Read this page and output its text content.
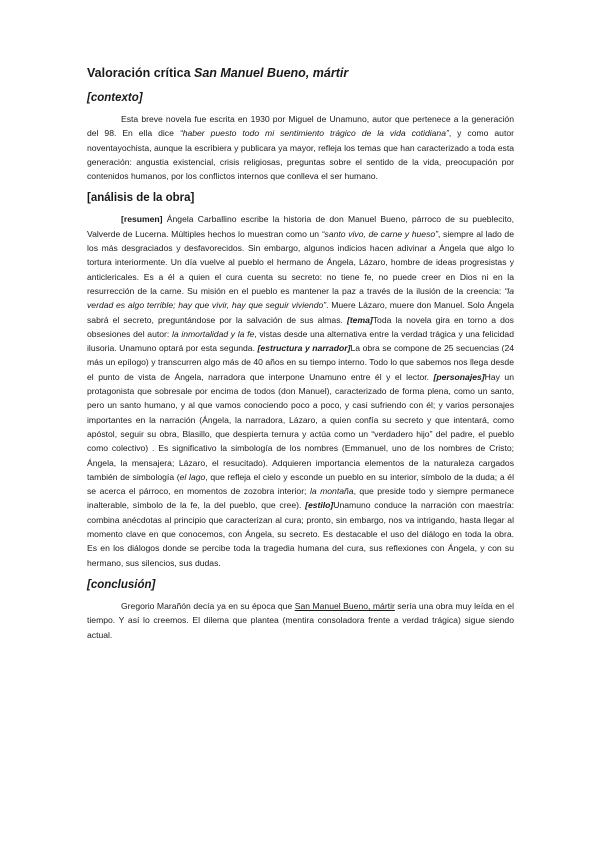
Valoración crítica San Manuel Bueno, mártir
[contexto]

Esta breve novela fue escrita en 1930 por Miguel de Unamuno, autor que pertenece a la generación del 98. En ella dice “haber puesto todo mi sentimiento trágico de la vida cotidiana”, y como autor noventayochista, aunque la escribiera y publicara ya mayor, refleja los temas que han caracterizado a toda esta generación: angustia existencial, crisis religiosas, preguntas sobre el sentido de la vida, preocupación por contenidos humanos, por los conflictos internos que conlleva el ser humano.

[análisis de la obra]

[resumen] Ángela Carballino escribe la historia de don Manuel Bueno, párroco de su pueblecito, Valverde de Lucerna. Múltiples hechos lo muestran como un “santo vivo, de carne y hueso”, siempre al lado de los más desgraciados y desfavorecidos. Sin embargo, algunos indicios hacen adivinar a Ángela que algo lo tortura interiormente. Un día vuelve al pueblo el hermano de Ángela, Lázaro, hombre de ideas progresistas y anticlericales. Es a él a quien el cura cuenta su secreto: no tiene fe, no puede creer en Dios ni en la resurrección de la carne. Su misión en el pueblo es mantener la paz a través de la ilusión de la creencia: “la verdad es algo terrible; hay que vivir, hay que seguir viviendo”. Muere Lázaro, muere don Manuel. Solo Ángela sabrá el secreto, preguntándose por la salvación de sus almas. [tema]Toda la novela gira en torno a dos obsesiones del autor: la inmortalidad y la fe, vistas desde una alternativa entre la verdad trágica y una felicidad ilusoria. Unamuno optará por esta segunda. [estructura y narrador]La obra se compone de 25 secuencias (24 más un epílogo) y transcurren algo más de 40 años en su tiempo interno. Todo lo que sabemos nos llega desde el punto de vista de Ángela, narradora que interpone Unamuno entre él y el lector. [personajes]Hay un protagonista que sobresale por encima de todos (don Manuel), caracterizado de forma plena, como un santo, pero un santo humano, y al que vamos conociendo poco a poco, y casi sufriendo con él; y varios personajes importantes en la narración (Ángela, la narradora, Lázaro, a quien confía su secreto y que intentará, como apóstol, seguir su obra, Blasillo, que despierta ternura y actúa como un “verdadero hijo” del padre, el pueblo como colectivo) . Es significativo la simbología de los nombres (Emmanuel, uno de los nombres de Cristo; Ángela, la mensajera; Lázaro, el resucitado). Adquieren importancia elementos de la naturaleza cargados también de simbología (el lago, que refleja el cielo y esconde un pueblo en su interior, símbolo de la duda; a él se acerca el párroco, en momentos de zozobra interior; la montaña, que preside todo y siempre permanece inalterable, símbolo de la fe, la del pueblo, que cree). [estilo]Unamuno conduce la narración con maestría: combina anécdotas al principio que caracterizan al cura; pronto, sin embargo, nos va intrigando, hasta llegar al momento clave en que conocemos, con Ángela, su secreto. Es destacable el uso del diálogo en toda la obra. Es en los diálogos donde se percibe toda la tragedia humana del cura, sus reflexiones con Ángela, y con su hermano, sus silencios, sus dudas.

[conclusión]

Gregorio Marañón decía ya en su época que San Manuel Bueno, mártir sería una obra muy leída en el tiempo. Y así lo creemos. El dilema que plantea (mentira consoladora frente a verdad trágica) sigue siendo actual.
